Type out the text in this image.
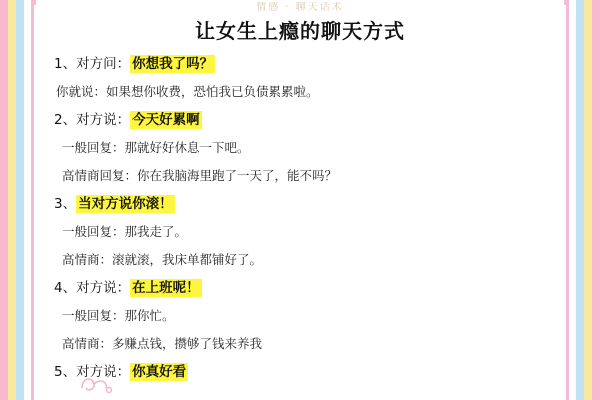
情感 · 聊天话术
让女生上瘾的聊天方式

1、对方问： 你想我了吗？

你就说：如果想你收费，恐怕我已负债累累啦。

2、对方说： 今天好累啊

一般回复：那就好好休息一下吧。

高情商回复：你在我脑海里跑了一天了，能不吗？

3、 当对方说你滚！

一般回复：那我走了。

高情商：滚就滚，我床单都铺好了。

4、对方说： 在上班呢！

一般回复：那你忙。

高情商：多赚点钱，攒够了钱来养我

5、对方说： 你真好看
